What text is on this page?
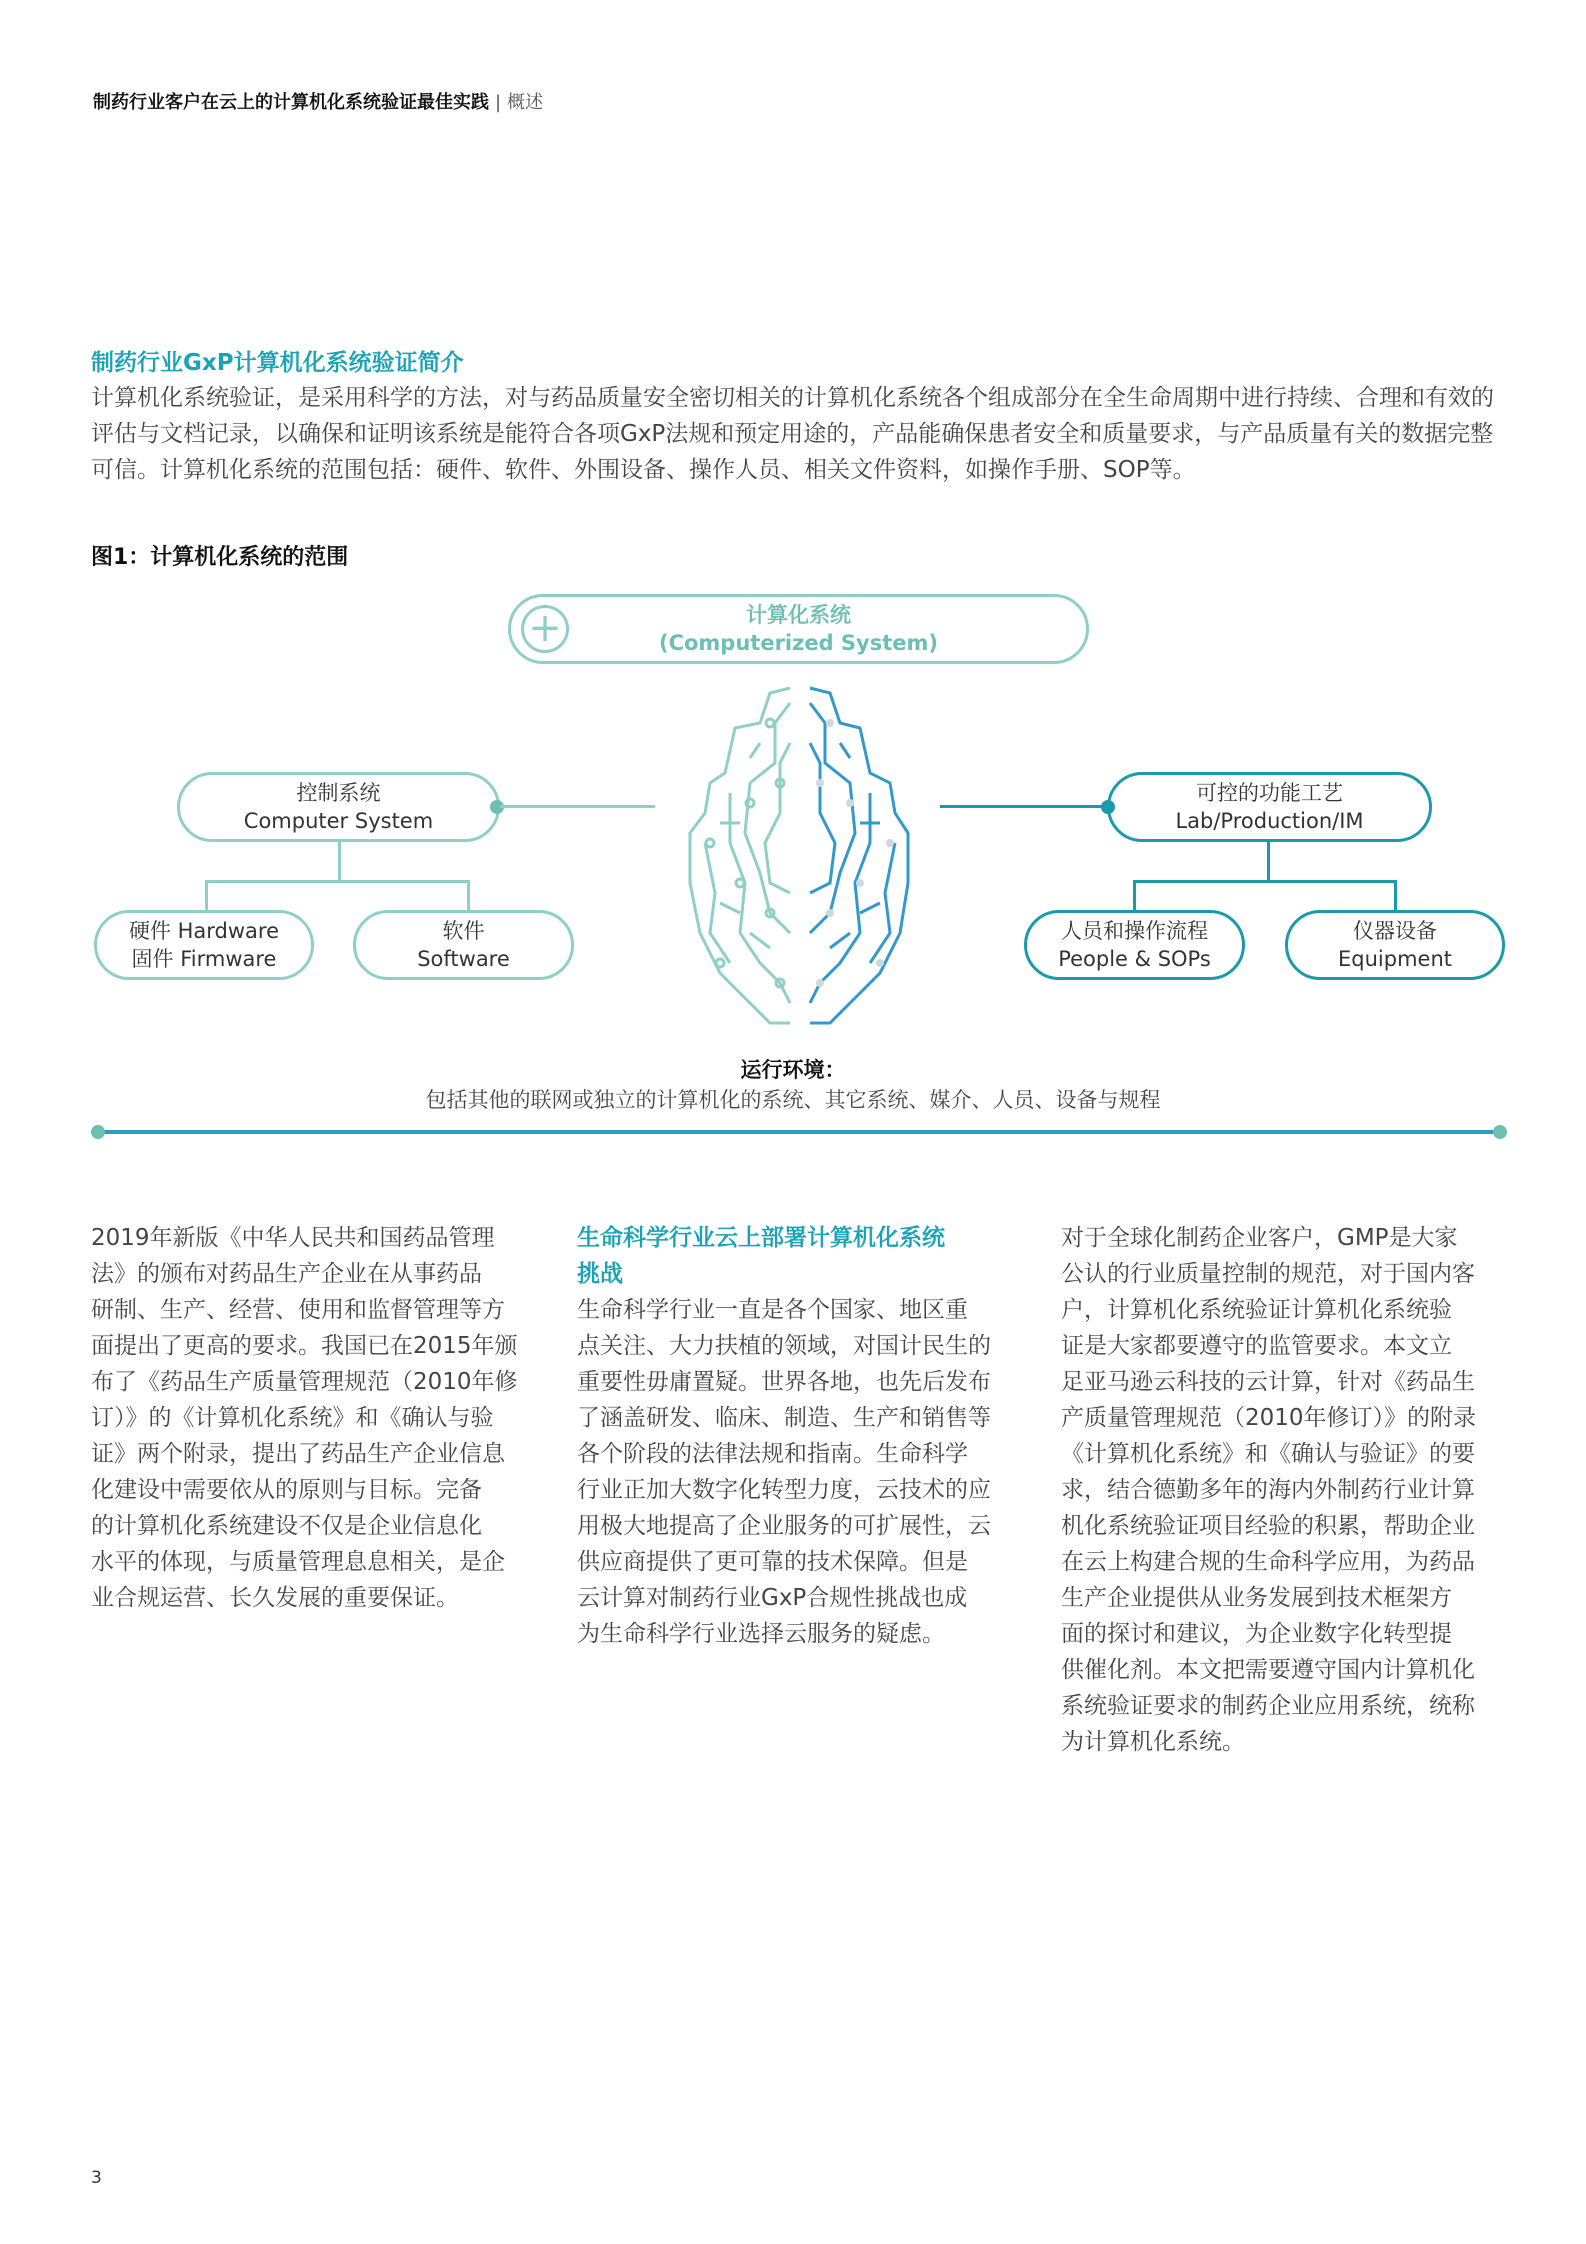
制药行业客户在云上的计算机化系统验证最佳实践 | 概述
制药行业GxP计算机化系统验证简介
计算机化系统验证，是采用科学的方法，对与药品质量安全密切相关的计算机化系统各个组成部分在全生命周期中进行持续、合理和有效的评估与文档记录，以确保和证明该系统是能符合各项GxP法规和预定用途的，产品能确保患者安全和质量要求，与产品质量有关的数据完整可信。计算机化系统的范围包括：硬件、软件、外围设备、操作人员、相关文件资料，如操作手册、SOP等。
图1：计算机化系统的范围
+	计算化系统
(Computerized System)
控制系统
Computer System
硬件 Hardware
固件 Firmware
软件
Software
可控的功能工艺
Lab/Production/IM
人员和操作流程
People & SOPs
仪器设备
Equipment
运行环境：
包括其他的联网或独立的计算机化的系统、其它系统、媒介、人员、设备与规程
2019年新版《中华人民共和国药品管理
法》的颁布对药品生产企业在从事药品
研制、生产、经营、使用和监督管理等方
面提出了更高的要求。我国已在2015年颁
布了《药品生产质量管理规范（2010年修
订）》的《计算机化系统》和《确认与验
证》两个附录，提出了药品生产企业信息
化建设中需要依从的原则与目标。完备
的计算机化系统建设不仅是企业信息化
水平的体现，与质量管理息息相关，是企
业合规运营、长久发展的重要保证。
生命科学行业云上部署计算机化系统
挑战
生命科学行业一直是各个国家、地区重
点关注、大力扶植的领域，对国计民生的
重要性毋庸置疑。世界各地，也先后发布
了涵盖研发、临床、制造、生产和销售等
各个阶段的法律法规和指南。生命科学
行业正加大数字化转型力度，云技术的应
用极大地提高了企业服务的可扩展性，云
供应商提供了更可靠的技术保障。但是
云计算对制药行业GxP合规性挑战也成
为生命科学行业选择云服务的疑虑。
对于全球化制药企业客户，GMP是大家
公认的行业质量控制的规范，对于国内客
户，计算机化系统验证计算机化系统验
证是大家都要遵守的监管要求。本文立
足亚马逊云科技的云计算，针对《药品生
产质量管理规范（2010年修订）》的附录
《计算机化系统》和《确认与验证》的要
求，结合德勤多年的海内外制药行业计算
机化系统验证项目经验的积累，帮助企业
在云上构建合规的生命科学应用，为药品
生产企业提供从业务发展到技术框架方
面的探讨和建议，为企业数字化转型提
供催化剂。本文把需要遵守国内计算机化
系统验证要求的制药企业应用系统，统称
为计算机化系统。
3
